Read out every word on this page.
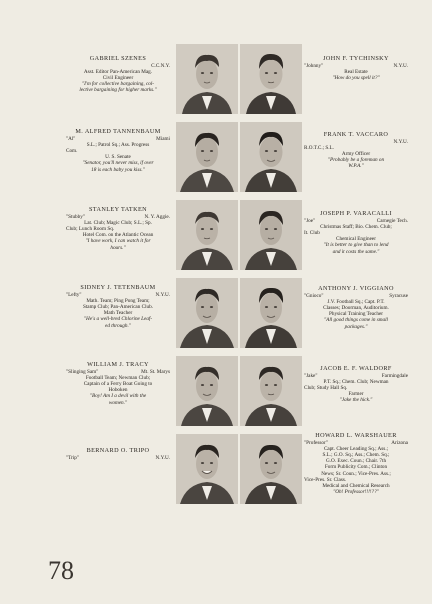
GABRIEL SZENES
C.C.N.Y.
Asst. Editor Pan-American Mag.
Civil Engineer
"I'm for collective bargaining, col-
lective bargaining for higher marks."
JOHN F. TYCHINSKY
"Johnny"	N.Y.U.
Real Estate
"How do you spell it?"
M. ALFRED TANNENBAUM
"Al"	Miami
S.L.; Patrol Sq.; Ass. Progress
Com.
U. S. Senate
"Senator, you'll never miss, if over
18 is each baby you kiss."
FRANK T. VACCARO
N.Y.U.
R.O.T.C.; S.L.
Army Officer
"Probably be a foreman on
W.P.A."
STANLEY TATKEN
"Stubby"	N. Y. Aggie.
Lat. Club; Magic Club; S.L.; Sp.
Club; Lunch Room Sq.
Hotel Com. on the Atlantic Ocean
"I have work, I can watch it for
hours."
JOSEPH P. VARACALLI
"Joe"	Carnegie Tech.
Christmas Staff; Bio. Chem. Club;
It. Club
Chemical Engineer
"It is better to give than to lend
and it costs the same."
SIDNEY J. TETENBAUM
"Lefty"	N.Y.U.
Math. Team; Ping Pong Team;
Stamp Club; Pan-American Club.
Math Teacher
"He's a well-bred Chlorine Leaf-
ed through."
ANTHONY J. VIGGIANO
"Gnioco"	Syracuse
J.V. Football Sq.; Capt. P.T.
Classes; Doorman, Auditorium.
Physical Training Teacher
"All good things come in small
packages."
WILLIAM J. TRACY
"Slinging Sam"	Mt. St. Marys
Football Team; Newman Club;
Captain of a Ferry Boat Going to
Hoboken
"Boy! Am I a devil with the
women."
JACOB E. F. WALDORF
"Jake"	Farmingdale
P.T. Sq.; Chem. Club; Newman
Club; Study Hall Sq.
Farmer
"Jake the hick."
BERNARD O. TRIPO
"Trip"	N.Y.U.
HOWARD L. WARSHAUER
"Professor"	Arizona
Capt. Cheer Leading Sq.; Ass.;
S.L.; G.O. Sq.; Ass.; Chem. Sq.;
G.O. Exec. Coun.; Chair. 7th
Form Publicity Com.; Clinton
News; Sr. Coun.; Vice-Pres. Ass.;
Vice-Pres. Sr. Class.
Medical and Chemical Research
"Oh! Professor!!!!??"
78
